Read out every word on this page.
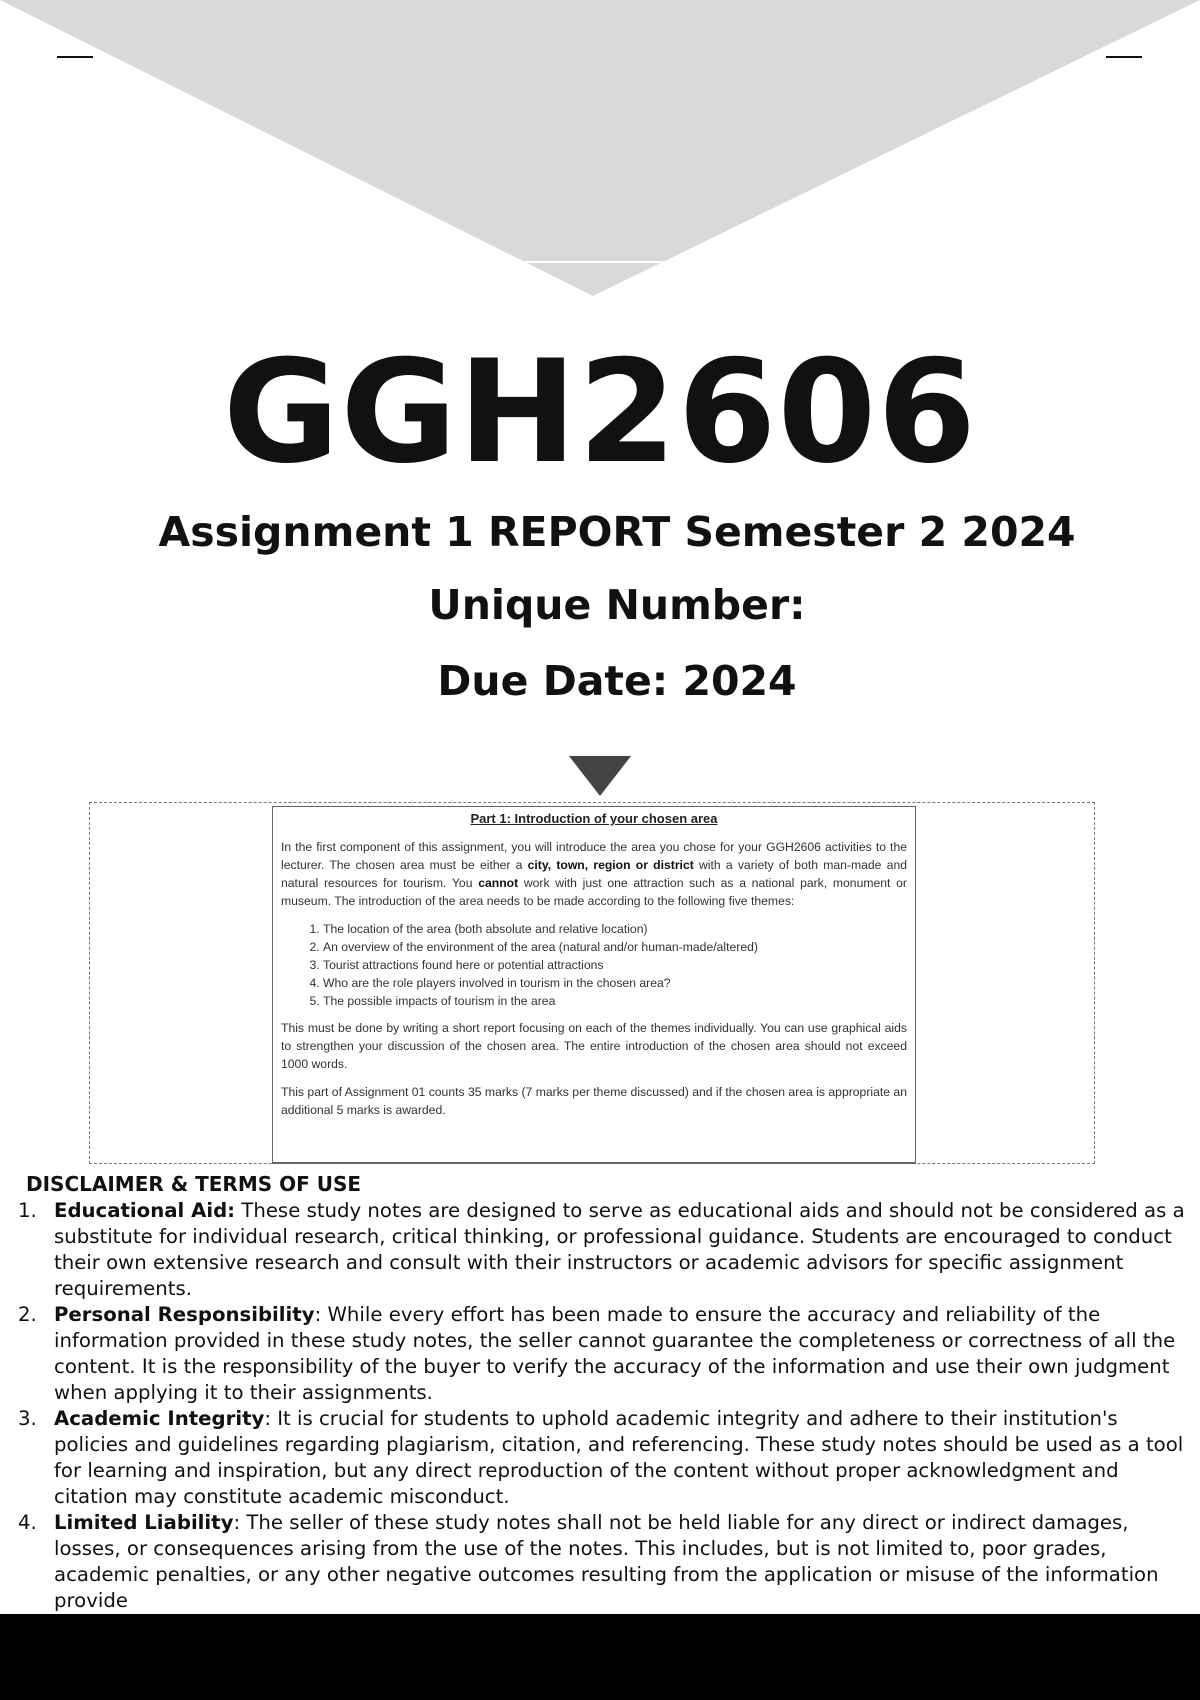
GGH2606
Assignment 1 REPORT Semester 2 2024
Unique Number:
Due Date: 2024

Part 1: Introduction of your chosen area

In the first component of this assignment, you will introduce the area you chose for your GGH2606 activities to the lecturer. The chosen area must be either a city, town, region or district with a variety of both man-made and natural resources for tourism. You cannot work with just one attraction such as a national park, monument or museum. The introduction of the area needs to be made according to the following five themes:

1. The location of the area (both absolute and relative location)
2. An overview of the environment of the area (natural and/or human-made/altered)
3. Tourist attractions found here or potential attractions
4. Who are the role players involved in tourism in the chosen area?
5. The possible impacts of tourism in the area

This must be done by writing a short report focusing on each of the themes individually. You can use graphical aids to strengthen your discussion of the chosen area. The entire introduction of the chosen area should not exceed 1000 words.

This part of Assignment 01 counts 35 marks (7 marks per theme discussed) and if the chosen area is appropriate an additional 5 marks is awarded.

DISCLAIMER & TERMS OF USE
1. Educational Aid: These study notes are designed to serve as educational aids and should not be considered as a substitute for individual research, critical thinking, or professional guidance. Students are encouraged to conduct their own extensive research and consult with their instructors or academic advisors for specific assignment requirements.
2. Personal Responsibility: While every effort has been made to ensure the accuracy and reliability of the information provided in these study notes, the seller cannot guarantee the completeness or correctness of all the content. It is the responsibility of the buyer to verify the accuracy of the information and use their own judgment when applying it to their assignments.
3. Academic Integrity: It is crucial for students to uphold academic integrity and adhere to their institution's policies and guidelines regarding plagiarism, citation, and referencing. These study notes should be used as a tool for learning and inspiration, but any direct reproduction of the content without proper acknowledgment and citation may constitute academic misconduct.
4. Limited Liability: The seller of these study notes shall not be held liable for any direct or indirect damages, losses, or consequences arising from the use of the notes. This includes, but is not limited to, poor grades, academic penalties, or any other negative outcomes resulting from the application or misuse of the information provide
